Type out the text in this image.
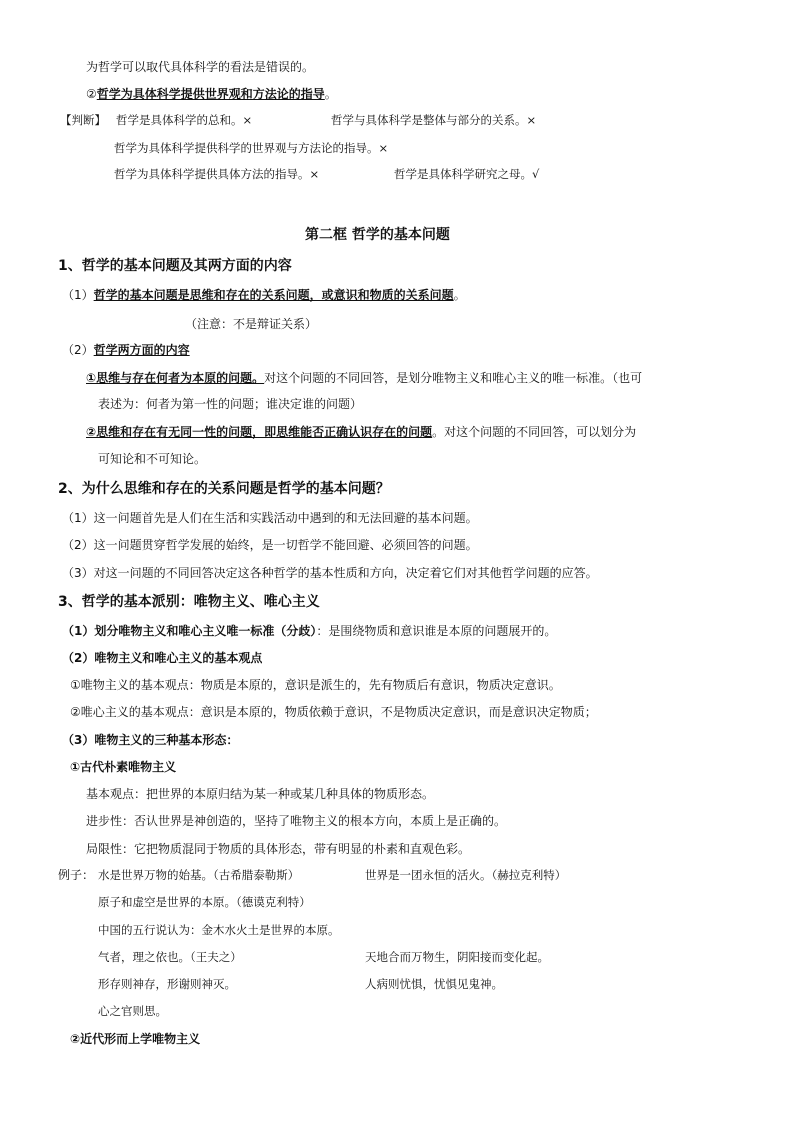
为哲学可以取代具体科学的看法是错误的。
②哲学为具体科学提供世界观和方法论的指导。
【判断】 哲学是具体科学的总和。×	哲学与具体科学是整体与部分的关系。×
哲学为具体科学提供科学的世界观与方法论的指导。×
哲学为具体科学提供具体方法的指导。×	哲学是具体科学研究之母。√
第二框 哲学的基本问题
1、哲学的基本问题及其两方面的内容
（1）哲学的基本问题是思维和存在的关系问题，或意识和物质的关系问题。
（注意：不是辩证关系）
（2）哲学两方面的内容
①思维与存在何者为本原的问题。对这个问题的不同回答，是划分唯物主义和唯心主义的唯一标准。（也可
表述为：何者为第一性的问题；谁决定谁的问题）
②思维和存在有无同一性的问题，即思维能否正确认识存在的问题。对这个问题的不同回答，可以划分为
可知论和不可知论。
2、为什么思维和存在的关系问题是哲学的基本问题？
（1）这一问题首先是人们在生活和实践活动中遇到的和无法回避的基本问题。
（2）这一问题贯穿哲学发展的始终，是一切哲学不能回避、必须回答的问题。
（3）对这一问题的不同回答决定这各种哲学的基本性质和方向，决定着它们对其他哲学问题的应答。
3、哲学的基本派别：唯物主义、唯心主义
（1）划分唯物主义和唯心主义唯一标准（分歧）：是围绕物质和意识谁是本原的问题展开的。
（2）唯物主义和唯心主义的基本观点
①唯物主义的基本观点：物质是本原的，意识是派生的，先有物质后有意识，物质决定意识。
②唯心主义的基本观点：意识是本原的，物质依赖于意识，不是物质决定意识，而是意识决定物质；
（3）唯物主义的三种基本形态：
①古代朴素唯物主义
基本观点：把世界的本原归结为某一种或某几种具体的物质形态。
进步性：否认世界是神创造的，坚持了唯物主义的根本方向，本质上是正确的。
局限性：它把物质混同于物质的具体形态，带有明显的朴素和直观色彩。
例子： 水是世界万物的始基。（古希腊泰勒斯）	世界是一团永恒的活火。（赫拉克利特）
原子和虚空是世界的本原。（德谟克利特）
中国的五行说认为：金木水火土是世界的本原。
气者，理之依也。（王夫之）	天地合而万物生，阴阳接而变化起。
形存则神存，形谢则神灭。	人病则忧惧，忧惧见鬼神。
心之官则思。
②近代形而上学唯物主义
